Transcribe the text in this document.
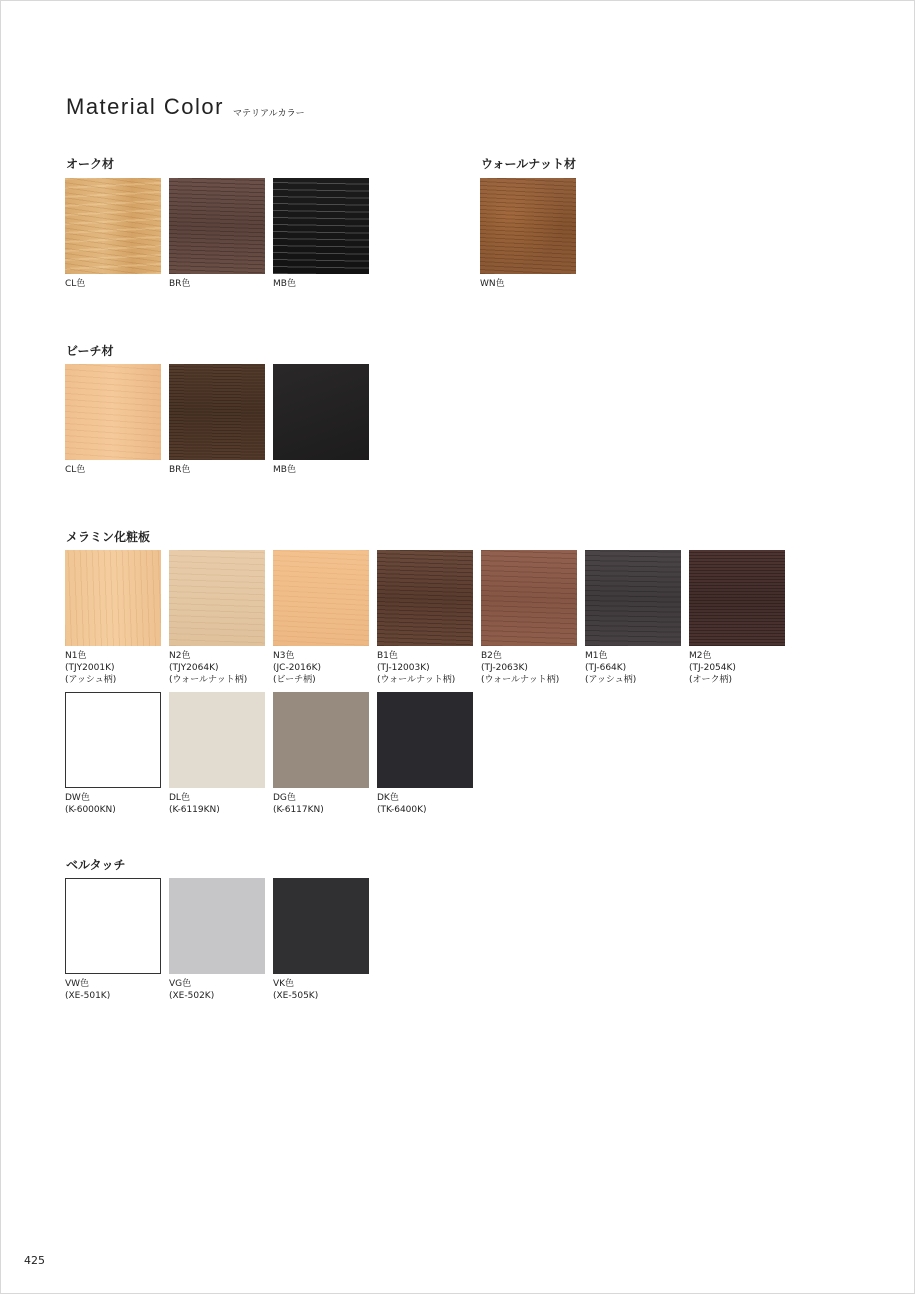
Material Color マテリアルカラー
オーク材
CL色	BR色	MB色
ウォールナット材
WN色
ビーチ材
CL色	BR色	MB色
メラミン化粧板
N1色
(TJY2001K)
(アッシュ柄)
N2色
(TJY2064K)
(ウォールナット柄)
N3色
(JC-2016K)
(ビーチ柄)
B1色
(TJ-12003K)
(ウォールナット柄)
B2色
(TJ-2063K)
(ウォールナット柄)
M1色
(TJ-664K)
(アッシュ柄)
M2色
(TJ-2054K)
(オーク柄)
DW色
(K-6000KN)
DL色
(K-6119KN)
DG色
(K-6117KN)
DK色
(TK-6400K)
ベルタッチ
VW色
(XE-501K)
VG色
(XE-502K)
VK色
(XE-505K)
425
